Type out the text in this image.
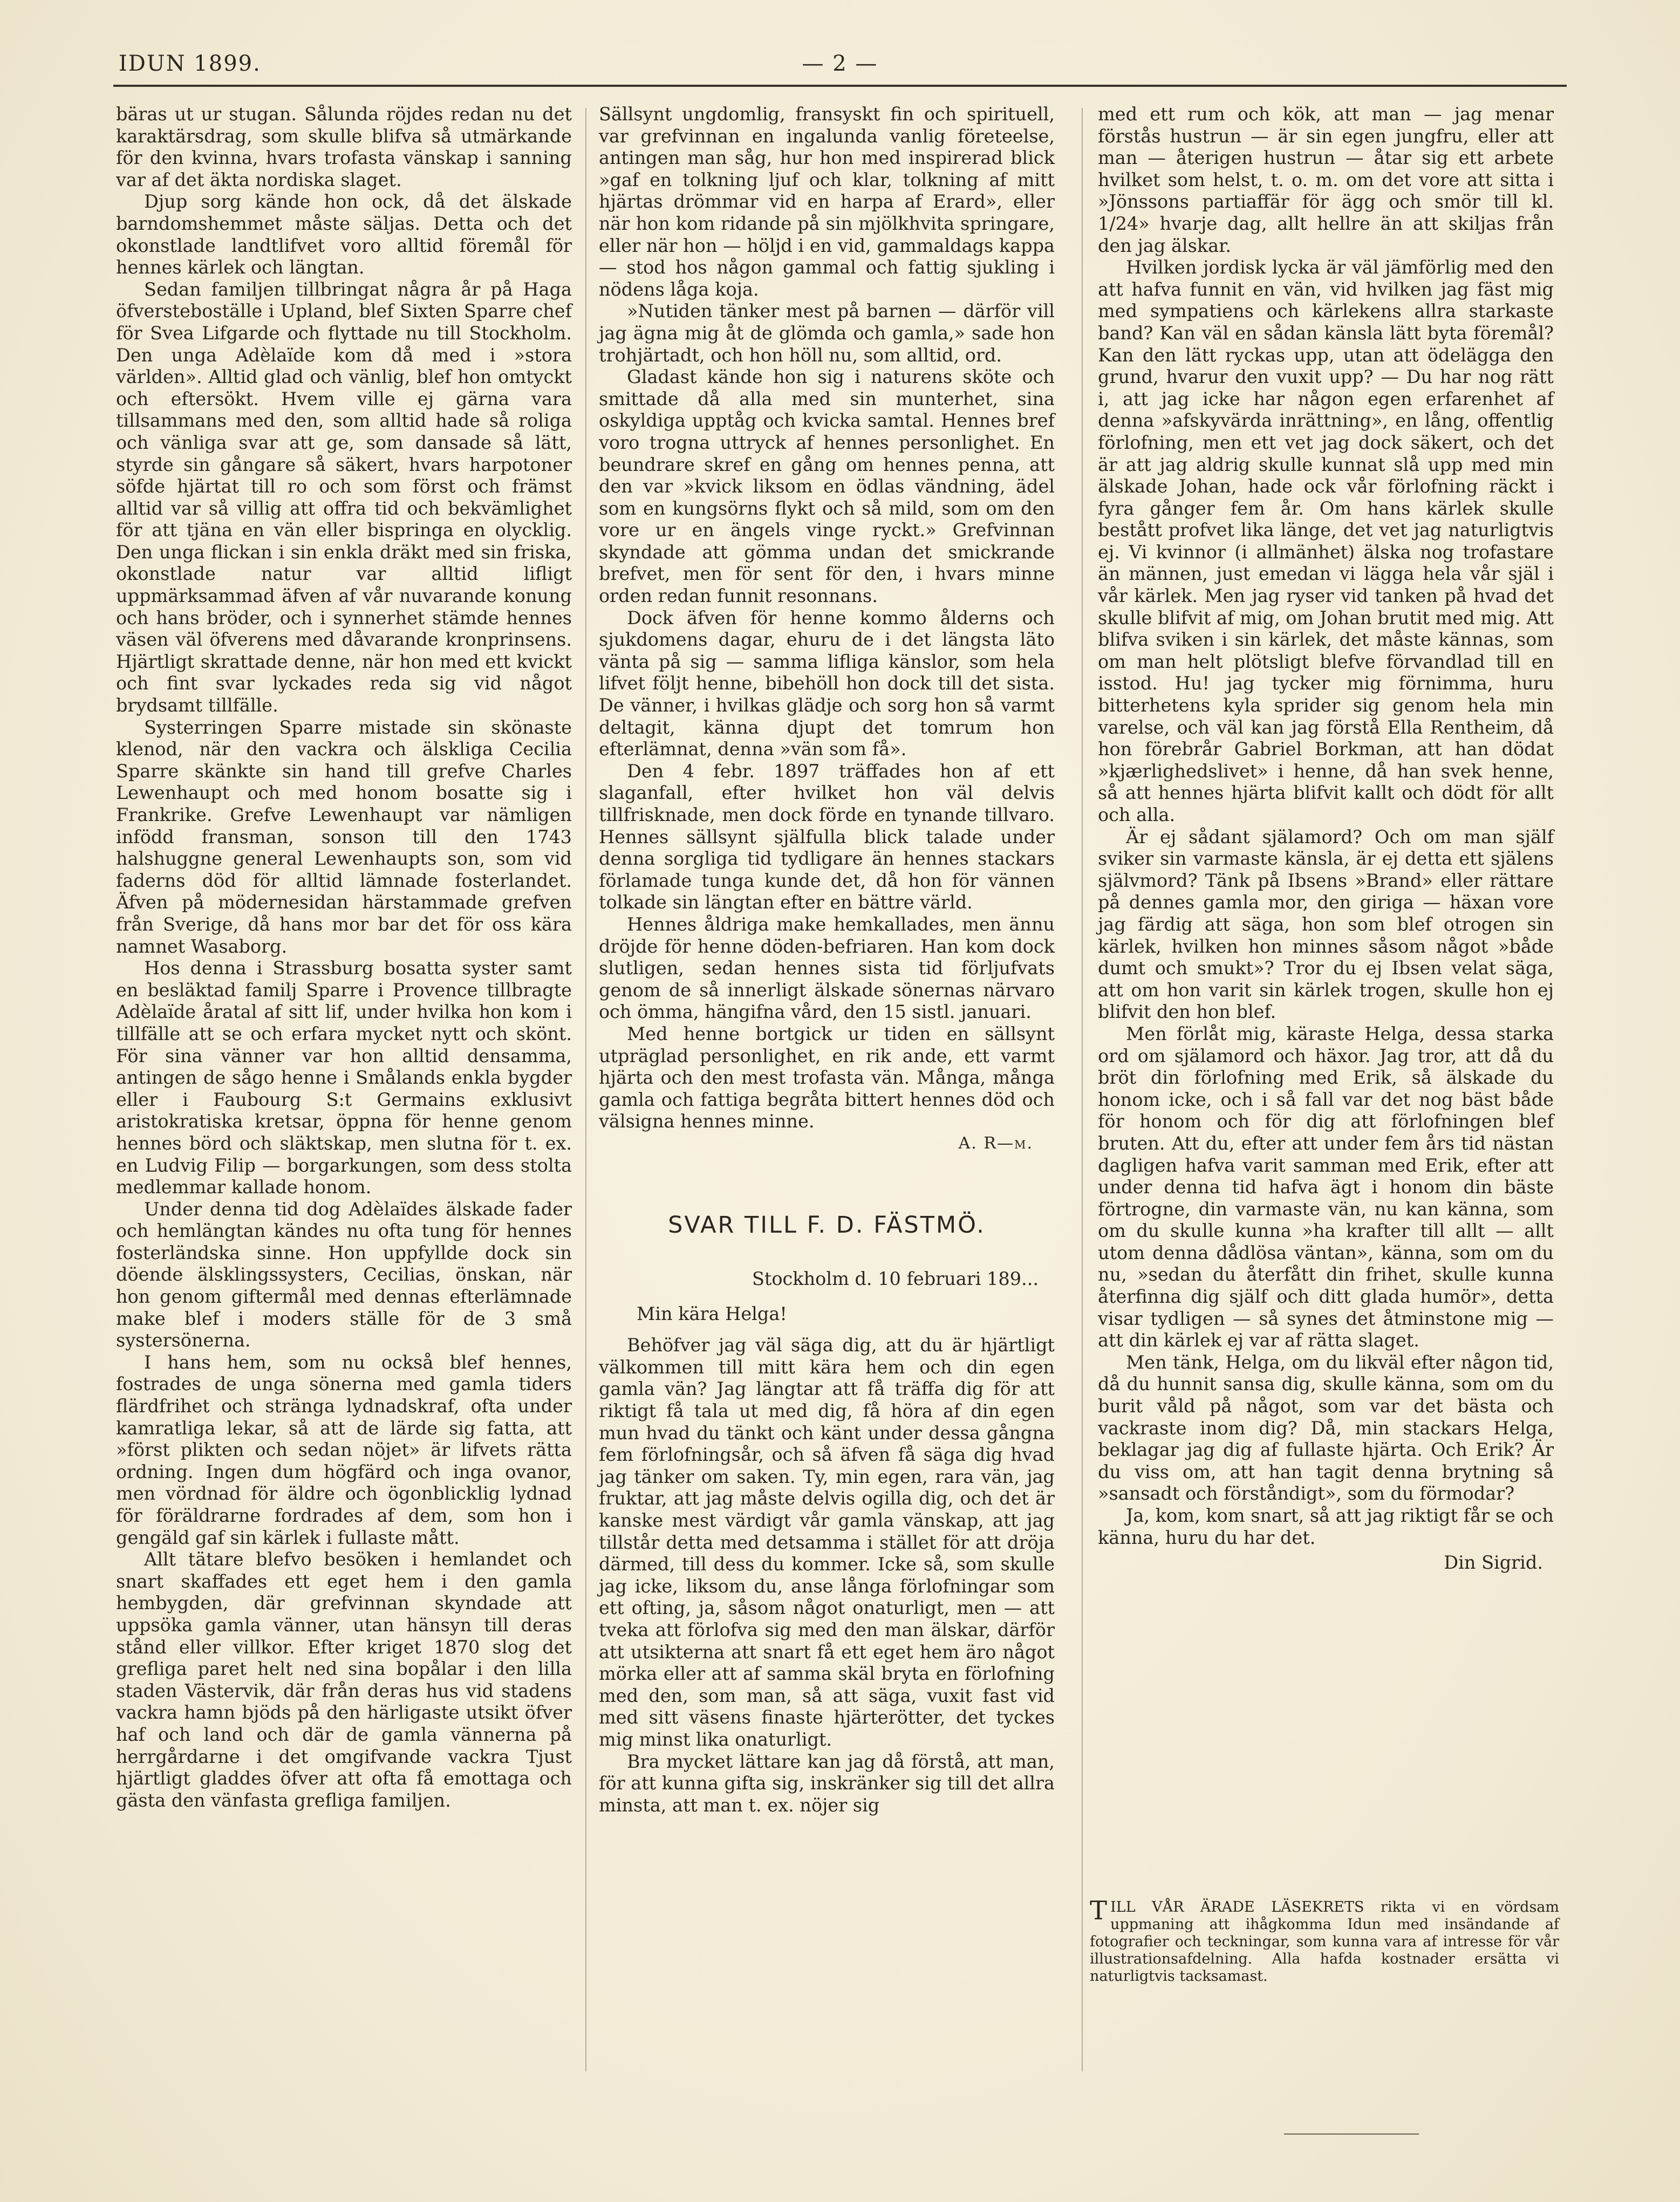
IDUN 1899.	— 2 —

bäras ut ur stugan. Sålunda röjdes redan nu det karaktärsdrag, som skulle blifva så utmärkande för den kvinna, hvars trofasta vänskap i sanning var af det äkta nordiska slaget.

Djup sorg kände hon ock, då det älskade barndomshemmet måste säljas. Detta och det okonstlade landtlifvet voro alltid föremål för hennes kärlek och längtan.

Sedan familjen tillbringat några år på Haga öfversteboställe i Upland, blef Sixten Sparre chef för Svea Lifgarde och flyttade nu till Stockholm. Den unga Adèlaïde kom då med i »stora världen». Alltid glad och vänlig, blef hon omtyckt och eftersökt. Hvem ville ej gärna vara tillsammans med den, som alltid hade så roliga och vänliga svar att ge, som dansade så lätt, styrde sin gångare så säkert, hvars harpotoner söfde hjärtat till ro och som först och främst alltid var så villig att offra tid och bekvämlighet för att tjäna en vän eller bispringa en olycklig. Den unga flickan i sin enkla dräkt med sin friska, okonstlade natur var alltid lifligt uppmärksammad äfven af vår nuvarande konung och hans bröder, och i synnerhet stämde hennes väsen väl öfverens med dåvarande kronprinsens. Hjärtligt skrattade denne, när hon med ett kvickt och fint svar lyckades reda sig vid något brydsamt tillfälle.

Systerringen Sparre mistade sin skönaste klenod, när den vackra och älskliga Cecilia Sparre skänkte sin hand till grefve Charles Lewenhaupt och med honom bosatte sig i Frankrike. Grefve Lewenhaupt var nämligen infödd fransman, sonson till den 1743 halshuggne general Lewenhaupts son, som vid faderns död för alltid lämnade fosterlandet. Äfven på mödernesidan härstammade grefven från Sverige, då hans mor bar det för oss kära namnet Wasaborg.

Hos denna i Strassburg bosatta syster samt en besläktad familj Sparre i Provence tillbragte Adèlaïde åratal af sitt lif, under hvilka hon kom i tillfälle att se och erfara mycket nytt och skönt. För sina vänner var hon alltid densamma, antingen de sågo henne i Smålands enkla bygder eller i Faubourg S:t Germains exklusivt aristokratiska kretsar, öppna för henne genom hennes börd och släktskap, men slutna för t. ex. en Ludvig Filip — borgarkungen, som dess stolta medlemmar kallade honom.

Under denna tid dog Adèlaïdes älskade fader och hemlängtan kändes nu ofta tung för hennes fosterländska sinne. Hon uppfyllde dock sin döende älsklingssysters, Cecilias, önskan, när hon genom giftermål med dennas efterlämnade make blef i moders ställe för de 3 små systersönerna.

I hans hem, som nu också blef hennes, fostrades de unga sönerna med gamla tiders flärdfrihet och stränga lydnadskraf, ofta under kamratliga lekar, så att de lärde sig fatta, att »först plikten och sedan nöjet» är lifvets rätta ordning. Ingen dum högfärd och inga ovanor, men vördnad för äldre och ögonblicklig lydnad för föräldrarne fordrades af dem, som hon i gengäld gaf sin kärlek i fullaste mått.

Allt tätare blefvo besöken i hemlandet och snart skaffades ett eget hem i den gamla hembygden, där grefvinnan skyndade att uppsöka gamla vänner, utan hänsyn till deras stånd eller villkor. Efter kriget 1870 slog det grefliga paret helt ned sina bopålar i den lilla staden Västervik, där från deras hus vid stadens vackra hamn bjöds på den härligaste utsikt öfver haf och land och där de gamla vännerna på herrgårdarne i det omgifvande vackra Tjust hjärtligt gladdes öfver att ofta få emottaga och gästa den vänfasta grefliga familjen.

Sällsynt ungdomlig, fransyskt fin och spirituell, var grefvinnan en ingalunda vanlig företeelse, antingen man såg, hur hon med inspirerad blick »gaf en tolkning ljuf och klar, tolkning af mitt hjärtas drömmar vid en harpa af Erard», eller när hon kom ridande på sin mjölkhvita springare, eller när hon — höljd i en vid, gammaldags kappa — stod hos någon gammal och fattig sjukling i nödens låga koja.

»Nutiden tänker mest på barnen — därför vill jag ägna mig åt de glömda och gamla,» sade hon trohjärtadt, och hon höll nu, som alltid, ord.

Gladast kände hon sig i naturens sköte och smittade då alla med sin munterhet, sina oskyldiga upptåg och kvicka samtal. Hennes bref voro trogna uttryck af hennes personlighet. En beundrare skref en gång om hennes penna, att den var »kvick liksom en ödlas vändning, ädel som en kungsörns flykt och så mild, som om den vore ur en ängels vinge ryckt.» Grefvinnan skyndade att gömma undan det smickrande brefvet, men för sent för den, i hvars minne orden redan funnit resonnans.

Dock äfven för henne kommo ålderns och sjukdomens dagar, ehuru de i det längsta läto vänta på sig — samma lifliga känslor, som hela lifvet följt henne, bibehöll hon dock till det sista. De vänner, i hvilkas glädje och sorg hon så varmt deltagit, känna djupt det tomrum hon efterlämnat, denna »vän som få».

Den 4 febr. 1897 träffades hon af ett slaganfall, efter hvilket hon väl delvis tillfrisknade, men dock förde en tynande tillvaro. Hennes sällsynt själfulla blick talade under denna sorgliga tid tydligare än hennes stackars förlamade tunga kunde det, då hon för vännen tolkade sin längtan efter en bättre värld.

Hennes åldriga make hemkallades, men ännu dröjde för henne döden-befriaren. Han kom dock slutligen, sedan hennes sista tid förljufvats genom de så innerligt älskade sönernas närvaro och ömma, hängifna vård, den 15 sistl. januari.

Med henne bortgick ur tiden en sällsynt utpräglad personlighet, en rik ande, ett varmt hjärta och den mest trofasta vän. Många, många gamla och fattiga begråta bittert hennes död och välsigna hennes minne.

A. R—m.

SVAR TILL F. D. FÄSTMÖ.

Stockholm d. 10 februari 189...

Min kära Helga!

Behöfver jag väl säga dig, att du är hjärtligt välkommen till mitt kära hem och din egen gamla vän? Jag längtar att få träffa dig för att riktigt få tala ut med dig, få höra af din egen mun hvad du tänkt och känt under dessa gångna fem förlofningsår, och så äfven få säga dig hvad jag tänker om saken. Ty, min egen, rara vän, jag fruktar, att jag måste delvis ogilla dig, och det är kanske mest värdigt vår gamla vänskap, att jag tillstår detta med detsamma i stället för att dröja därmed, till dess du kommer. Icke så, som skulle jag icke, liksom du, anse långa förlofningar som ett ofting, ja, såsom något onaturligt, men — att tveka att förlofva sig med den man älskar, därför att utsikterna att snart få ett eget hem äro något mörka eller att af samma skäl bryta en förlofning med den, som man, så att säga, vuxit fast vid med sitt väsens finaste hjärterötter, det tyckes mig minst lika onaturligt.

Bra mycket lättare kan jag då förstå, att man, för att kunna gifta sig, inskränker sig till det allra minsta, att man t. ex. nöjer sig

med ett rum och kök, att man — jag menar förstås hustrun — är sin egen jungfru, eller att man — återigen hustrun — åtar sig ett arbete hvilket som helst, t. o. m. om det vore att sitta i »Jönssons partiaffär för ägg och smör till kl. 1/24» hvarje dag, allt hellre än att skiljas från den jag älskar.

Hvilken jordisk lycka är väl jämförlig med den att hafva funnit en vän, vid hvilken jag fäst mig med sympatiens och kärlekens allra starkaste band? Kan väl en sådan känsla lätt byta föremål? Kan den lätt ryckas upp, utan att ödelägga den grund, hvarur den vuxit upp? — Du har nog rätt i, att jag icke har någon egen erfarenhet af denna »afskyvärda inrättning», en lång, offentlig förlofning, men ett vet jag dock säkert, och det är att jag aldrig skulle kunnat slå upp med min älskade Johan, hade ock vår förlofning räckt i fyra gånger fem år. Om hans kärlek skulle bestått profvet lika länge, det vet jag naturligtvis ej. Vi kvinnor (i allmänhet) älska nog trofastare än männen, just emedan vi lägga hela vår själ i vår kärlek. Men jag ryser vid tanken på hvad det skulle blifvit af mig, om Johan brutit med mig. Att blifva sviken i sin kärlek, det måste kännas, som om man helt plötsligt blefve förvandlad till en isstod. Hu! jag tycker mig förnimma, huru bitterhetens kyla sprider sig genom hela min varelse, och väl kan jag förstå Ella Rentheim, då hon förebrår Gabriel Borkman, att han dödat »kjærlighedslivet» i henne, då han svek henne, så att hennes hjärta blifvit kallt och dödt för allt och alla.

Är ej sådant själamord? Och om man själf sviker sin varmaste känsla, är ej detta ett själens självmord? Tänk på Ibsens »Brand» eller rättare på dennes gamla mor, den giriga — häxan vore jag färdig att säga, hon som blef otrogen sin kärlek, hvilken hon minnes såsom något »både dumt och smukt»? Tror du ej Ibsen velat säga, att om hon varit sin kärlek trogen, skulle hon ej blifvit den hon blef.

Men förlåt mig, käraste Helga, dessa starka ord om själamord och häxor. Jag tror, att då du bröt din förlofning med Erik, så älskade du honom icke, och i så fall var det nog bäst både för honom och för dig att förlofningen blef bruten. Att du, efter att under fem års tid nästan dagligen hafva varit samman med Erik, efter att under denna tid hafva ägt i honom din bäste förtrogne, din varmaste vän, nu kan känna, som om du skulle kunna »ha krafter till allt — allt utom denna dådlösa väntan», känna, som om du nu, »sedan du återfått din frihet, skulle kunna återfinna dig själf och ditt glada humör», detta visar tydligen — så synes det åtminstone mig — att din kärlek ej var af rätta slaget.

Men tänk, Helga, om du likväl efter någon tid, då du hunnit sansa dig, skulle känna, som om du burit våld på något, som var det bästa och vackraste inom dig? Då, min stackars Helga, beklagar jag dig af fullaste hjärta. Och Erik? Är du viss om, att han tagit denna brytning så »sansadt och förståndigt», som du förmodar?

Ja, kom, kom snart, så att jag riktigt får se och känna, huru du har det.

Din Sigrid.

TILL VÅR ÄRADE LÄSEKRETS rikta vi en vördsam uppmaning att ihågkomma Idun med insändande af fotografier och teckningar, som kunna vara af intresse för vår illustrationsafdelning. Alla hafda kostnader ersätta vi naturligtvis tacksamast.
